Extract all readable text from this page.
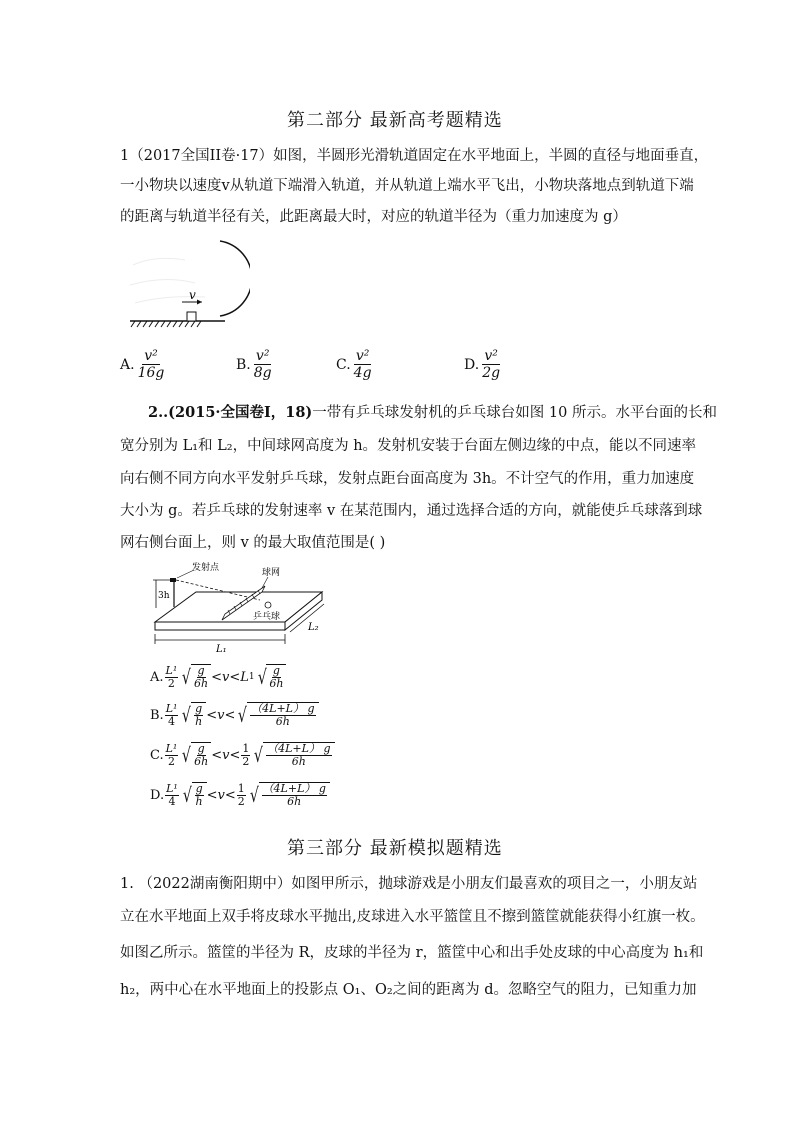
第二部分 最新高考题精选
1（2017全国II卷·17）如图，半圆形光滑轨道固定在水平地面上，半圆的直径与地面垂直，
一小物块以速度v从轨道下端滑入轨道，并从轨道上端水平飞出，小物块落地点到轨道下端
的距离与轨道半径有关，此距离最大时，对应的轨道半径为（重力加速度为 g）
v
A. $\frac{\text{v²}}{16g}$	B. $\frac{\text{v²}}{8g}$	C. $\frac{\text{v²}}{4g}$	D. $\frac{\text{v²}}{2g}$
2..(2015·全国卷Ⅰ，18)一带有乒乓球发射机的乒乓球台如图 10 所示。水平台面的长和
宽分别为 L₁和 L₂，中间球网高度为 h。发射机安装于台面左侧边缘的中点，能以不同速率
向右侧不同方向水平发射乒乓球，发射点距台面高度为 3h。不计空气的作用，重力加速度
大小为 g。若乒乓球的发射速率 v 在某范围内，通过选择合适的方向，就能使乒乓球落到球
网右侧台面上，则 v 的最大取值范围是( )
3h
发射点	球网
乒乓球
L₁
L₂
A. $\frac{\text{L¹}}{2}$ √ $\frac{g}{6h} < v < L$ 1 √ $\frac{g}{6h}$
B. $\frac{\text{L¹}}{4}$ √ $\frac{g}{h} < v$ < √ $\frac{(4L+L) g}{6h}$
C. $\frac{\text{L¹}}{2}$ √ $\frac{g}{6h} < v < \frac{1}{2}$ √ $\frac{(4L+L) g}{6h}$
D. $\frac{\text{L¹}}{4}$ √ $\frac{g}{h} < v < \frac{1}{2}$ √ $\frac{(4L+L) g}{6h}$
第三部分 最新模拟题精选
1. （2022湖南衡阳期中）如图甲所示，抛球游戏是小朋友们最喜欢的项目之一，小朋友站
立在水平地面上双手将皮球水平抛出,皮球进入水平篮筐且不擦到篮筐就能获得小红旗一枚。
如图乙所示。篮筐的半径为 R，皮球的半径为 r，篮筐中心和出手处皮球的中心高度为 h₁和
h₂，两中心在水平地面上的投影点 O₁、O₂之间的距离为 d。忽略空气的阻力，已知重力加
